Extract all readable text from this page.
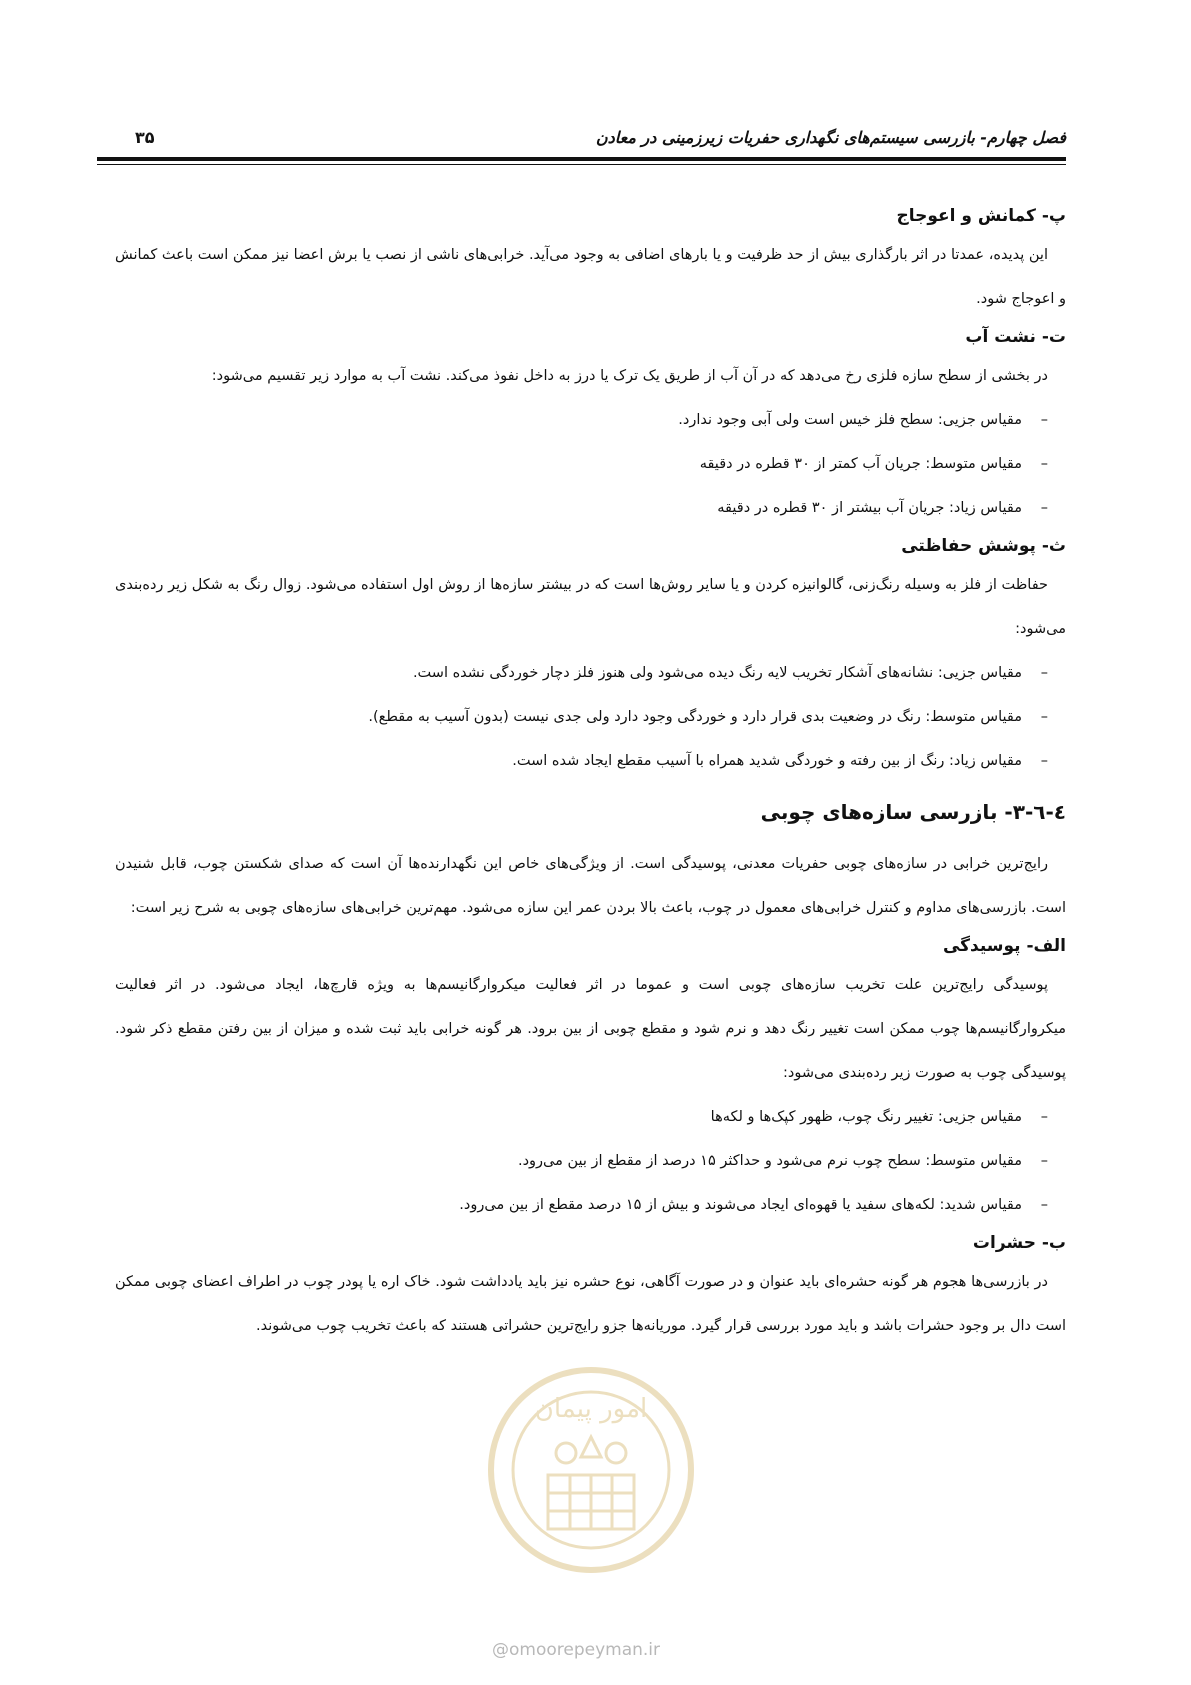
فصل چهارم- بازرسی سیستم‌های نگهداری حفریات زیرزمینی در معادن
۳۵
پ- کمانش و اعوجاج

این پدیده، عمدتا در اثر بارگذاری بیش از حد ظرفیت و یا بارهای اضافی به وجود می‌آید. خرابی‌های ناشی از نصب یا برش اعضا نیز ممکن است باعث کمانش و اعوجاج شود.

ت- نشت آب

در بخشی از سطح سازه فلزی رخ می‌دهد که در آن آب از طریق یک ترک یا درز به داخل نفوذ می‌کند. نشت آب به موارد زیر تقسیم می‌شود:

–مقیاس جزیی: سطح فلز خیس است ولی آبی وجود ندارد.
–مقیاس متوسط: جریان آب کمتر از ۳۰ قطره در دقیقه
–مقیاس زیاد: جریان آب بیشتر از ۳۰ قطره در دقیقه
ث- پوشش حفاظتی

حفاظت از فلز به وسیله رنگ‌زنی، گالوانیزه کردن و یا سایر روش‌ها است که در بیشتر سازه‌ها از روش اول استفاده می‌شود. زوال رنگ به شکل زیر رده‌بندی می‌شود:

–مقیاس جزیی: نشانه‌های آشکار تخریب لایه رنگ دیده می‌شود ولی هنوز فلز دچار خوردگی نشده است.
–مقیاس متوسط: رنگ در وضعیت بدی قرار دارد و خوردگی وجود دارد ولی جدی نیست (بدون آسیب به مقطع).
–مقیاس زیاد: رنگ از بین رفته و خوردگی شدید همراه با آسیب مقطع ایجاد شده است.
٤-٦-٣- بازرسی سازه‌های چوبی

رایج‌ترین خرابی در سازه‌های چوبی حفریات معدنی، پوسیدگی است. از ویژگی‌های خاص این نگهدارنده‌ها آن است که صدای شکستن چوب، قابل شنیدن است. بازرسی‌های مداوم و کنترل خرابی‌های معمول در چوب، باعث بالا بردن عمر این سازه می‌شود. مهم‌ترین خرابی‌های سازه‌های چوبی به شرح زیر است:

الف- پوسیدگی

پوسیدگی رایج‌ترین علت تخریب سازه‌های چوبی است و عموما در اثر فعالیت میکروارگانیسم‌ها به ویژه قارچ‌ها، ایجاد می‌شود. در اثر فعالیت میکروارگانیسم‌ها چوب ممکن است تغییر رنگ دهد و نرم شود و مقطع چوبی از بین برود. هر گونه خرابی باید ثبت شده و میزان از بین رفتن مقطع ذکر شود. پوسیدگی چوب به صورت زیر رده‌بندی می‌شود:

–مقیاس جزیی: تغییر رنگ چوب، ظهور کپک‌ها و لکه‌ها
–مقیاس متوسط: سطح چوب نرم می‌شود و حداکثر ۱۵ درصد از مقطع از بین می‌رود.
–مقیاس شدید: لکه‌های سفید یا قهوه‌ای ایجاد می‌شوند و بیش از ۱۵ درصد مقطع از بین می‌رود.
ب- حشرات

در بازرسی‌ها هجوم هر گونه حشره‌ای باید عنوان و در صورت آگاهی، نوع حشره نیز باید یادداشت شود. خاک اره یا پودر چوب در اطراف اعضای چوبی ممکن است دال بر وجود حشرات باشد و باید مورد بررسی قرار گیرد. موریانه‌ها جزو رایج‌ترین حشراتی هستند که باعث تخریب چوب می‌شوند.

امور پیمان
@omoorepeyman.ir
